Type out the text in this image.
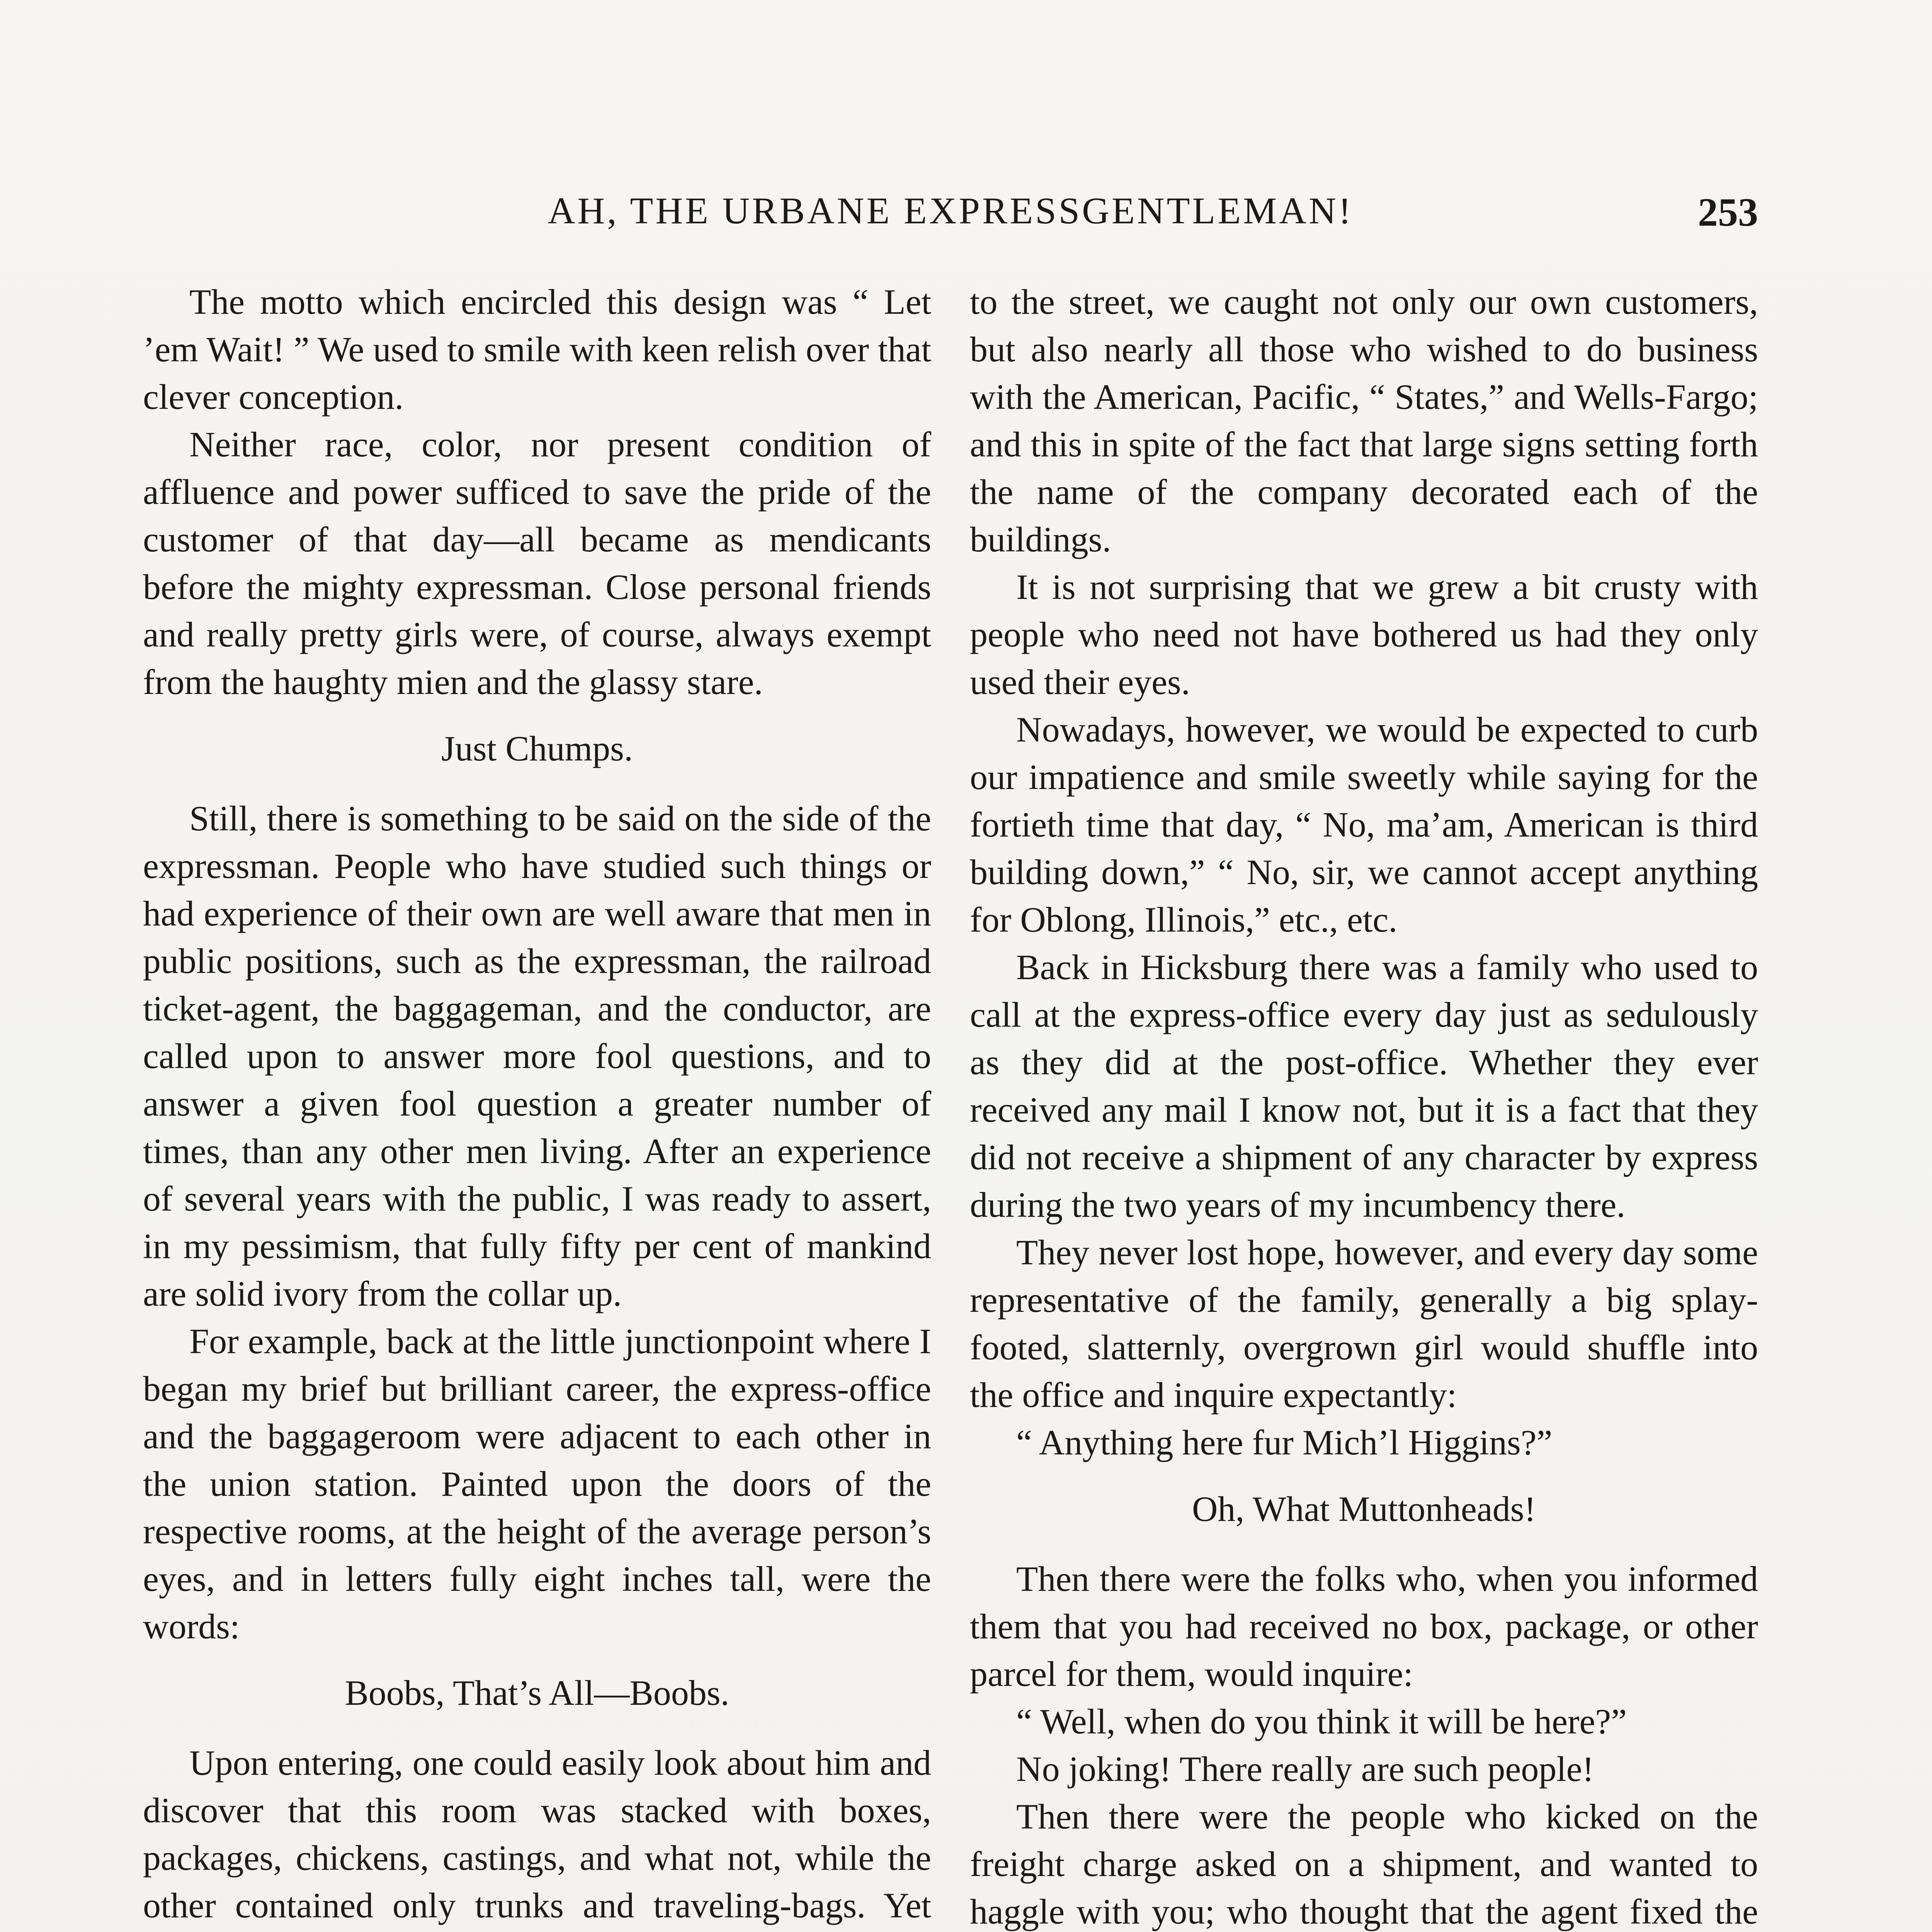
AH, THE URBANE EXPRESSGENTLEMAN!	253

The motto which encircled this design was “ Let ’em Wait! ” We used to smile with keen relish over that clever conception.

Neither race, color, nor present condition of affluence and power sufficed to save the pride of the customer of that day—all became as mendicants before the mighty expressman. Close personal friends and really pretty girls were, of course, always exempt from the haughty mien and the glassy stare.

Just Chumps.

Still, there is something to be said on the side of the expressman. People who have studied such things or had experience of their own are well aware that men in public positions, such as the expressman, the railroad ticket-agent, the baggageman, and the conductor, are called upon to answer more fool questions, and to answer a given fool question a greater number of times, than any other men living. After an experience of several years with the public, I was ready to assert, in my pessimism, that fully fifty per cent of mankind are solid ivory from the collar up.

For example, back at the little junctionpoint where I began my brief but brilliant career, the express-office and the baggageroom were adjacent to each other in the union station. Painted upon the doors of the respective rooms, at the height of the average person’s eyes, and in letters fully eight inches tall, were the words:

Boobs, That’s All—Boobs.

Upon entering, one could easily look about him and discover that this room was stacked with boxes, packages, chickens, castings, and what not, while the other contained only trunks and traveling-bags. Yet

to the street, we caught not only our own customers, but also nearly all those who wished to do business with the American, Pacific, “ States,” and Wells-Fargo; and this in spite of the fact that large signs setting forth the name of the company decorated each of the buildings.

It is not surprising that we grew a bit crusty with people who need not have bothered us had they only used their eyes.

Nowadays, however, we would be expected to curb our impatience and smile sweetly while saying for the fortieth time that day, “ No, ma’am, American is third building down,” “ No, sir, we cannot accept anything for Oblong, Illinois,” etc., etc.

Back in Hicksburg there was a family who used to call at the express-office every day just as sedulously as they did at the post-office. Whether they ever received any mail I know not, but it is a fact that they did not receive a shipment of any character by express during the two years of my incumbency there.

They never lost hope, however, and every day some representative of the family, generally a big splay-footed, slatternly, overgrown girl would shuffle into the office and inquire expectantly:

“ Anything here fur Mich’l Higgins?”

Oh, What Muttonheads!

Then there were the folks who, when you informed them that you had received no box, package, or other parcel for them, would inquire:

“ Well, when do you think it will be here?”

No joking! There really are such people!

Then there were the people who kicked on the freight charge asked on a shipment, and wanted to haggle with you; who thought that the agent fixed the
